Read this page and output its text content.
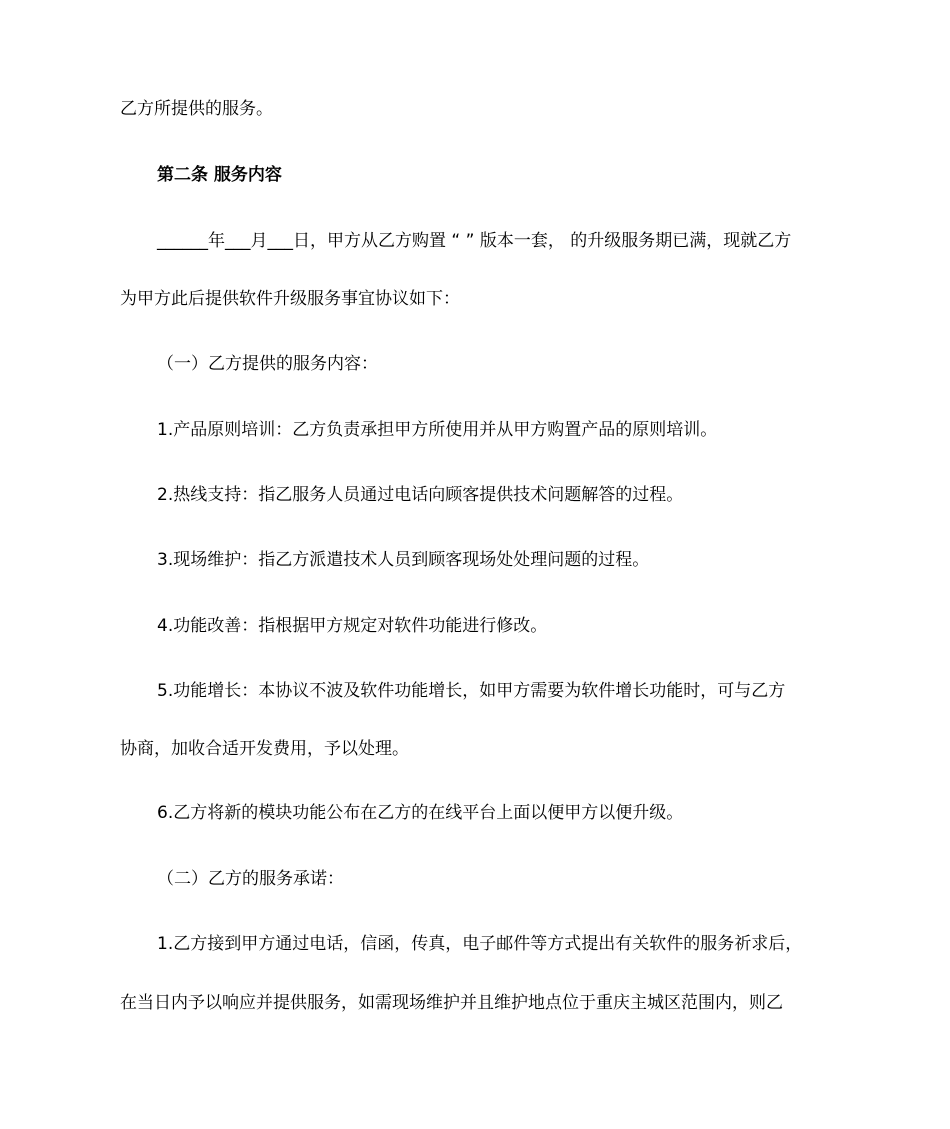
乙方所提供的服务。
第二条 服务内容
______年___月___日，甲方从乙方购置 “ ” 版本一套， 的升级服务期已满，现就乙方
为甲方此后提供软件升级服务事宜协议如下：
（一）乙方提供的服务内容：
1.产品原则培训：乙方负责承担甲方所使用并从甲方购置产品的原则培训。
2.热线支持：指乙服务人员通过电话向顾客提供技术问题解答的过程。
3.现场维护：指乙方派遣技术人员到顾客现场处处理问题的过程。
4.功能改善：指根据甲方规定对软件功能进行修改。
5.功能增长：本协议不波及软件功能增长，如甲方需要为软件增长功能时，可与乙方
协商，加收合适开发费用，予以处理。
6.乙方将新的模块功能公布在乙方的在线平台上面以便甲方以便升级。
（二）乙方的服务承诺：
1.乙方接到甲方通过电话，信函，传真，电子邮件等方式提出有关软件的服务祈求后，
在当日内予以响应并提供服务，如需现场维护并且维护地点位于重庆主城区范围内，则乙
